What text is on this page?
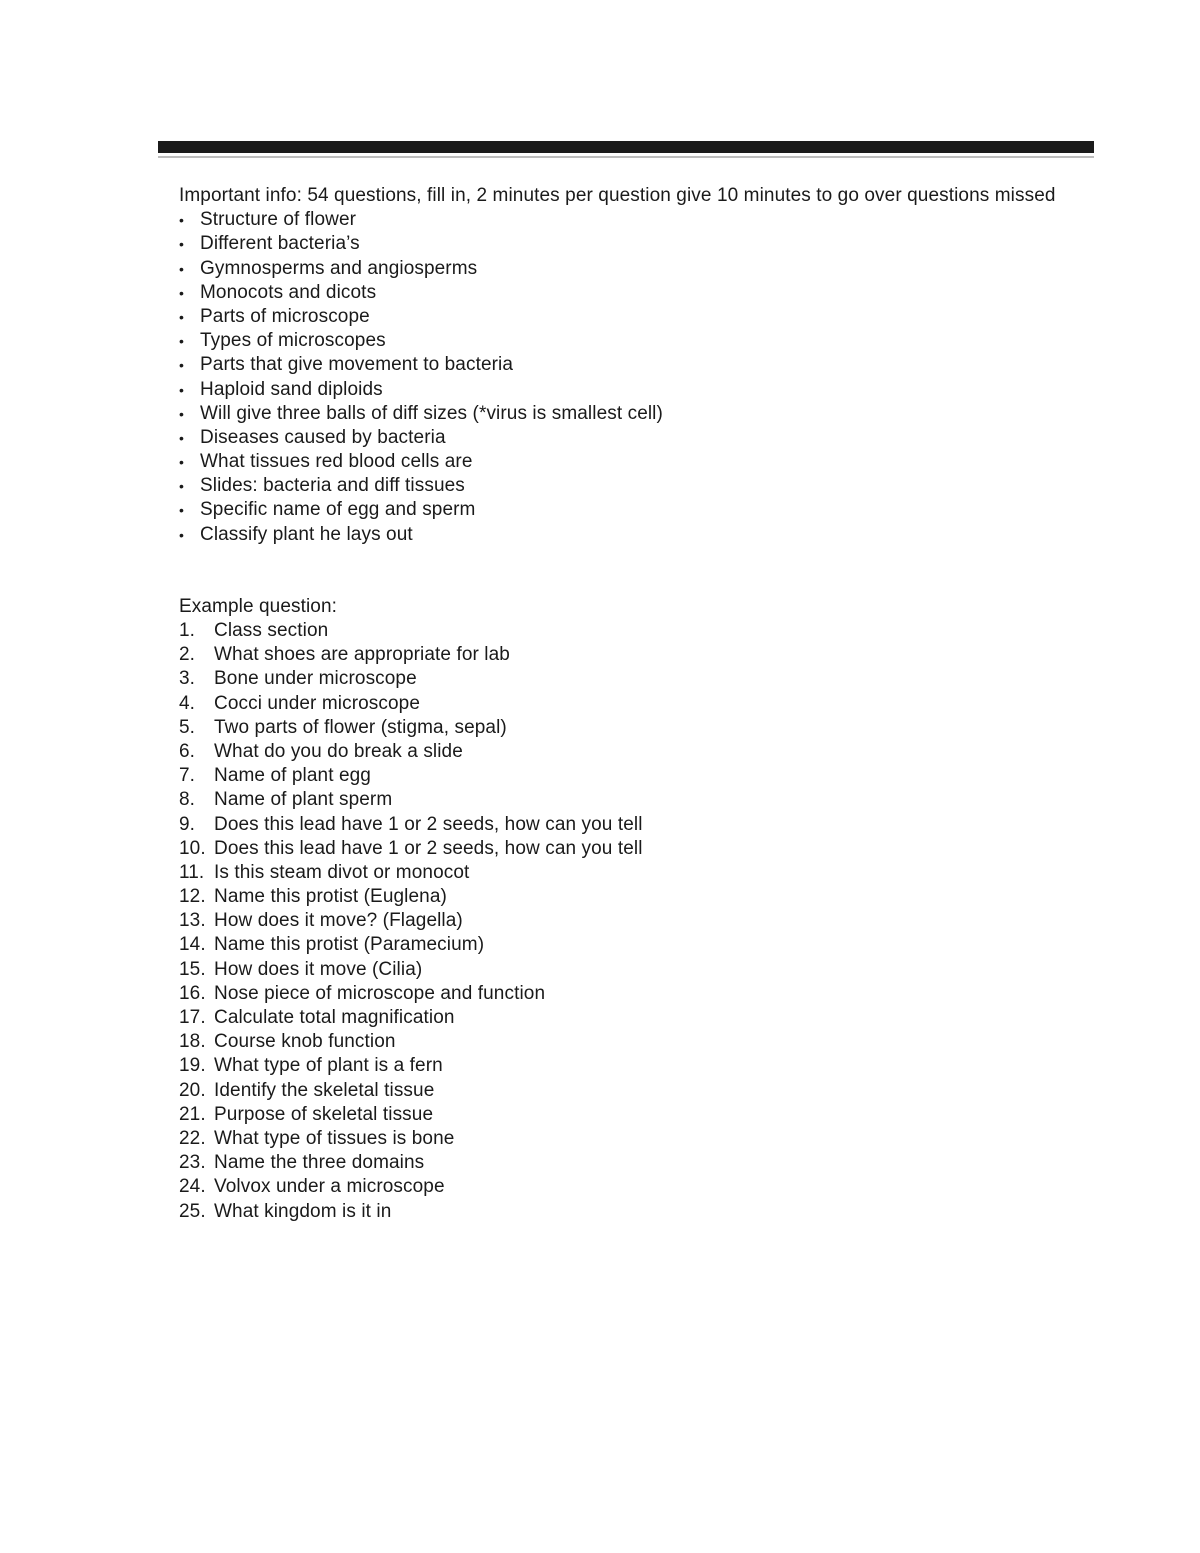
Important info: 54 questions, fill in, 2 minutes per question give 10 minutes to go over questions missed

• Structure of flower
• Different bacteria’s
• Gymnosperms and angiosperms
• Monocots and dicots
• Parts of microscope
• Types of microscopes
• Parts that give movement to bacteria
• Haploid sand diploids
• Will give three balls of diff sizes (*virus is smallest cell)
• Diseases caused by bacteria
• What tissues red blood cells are
• Slides: bacteria and diff tissues
• Specific name of egg and sperm
• Classify plant he lays out

Example question:

1. Class section
2. What shoes are appropriate for lab
3. Bone under microscope
4. Cocci under microscope
5. Two parts of flower (stigma, sepal)
6. What do you do break a slide
7. Name of plant egg
8. Name of plant sperm
9. Does this lead have 1 or 2 seeds, how can you tell
10. Does this lead have 1 or 2 seeds, how can you tell
11. Is this steam divot or monocot
12. Name this protist (Euglena)
13. How does it move? (Flagella)
14. Name this protist (Paramecium)
15. How does it move (Cilia)
16. Nose piece of microscope and function
17. Calculate total magnification
18. Course knob function
19. What type of plant is a fern
20. Identify the skeletal tissue
21. Purpose of skeletal tissue
22. What type of tissues is bone
23. Name the three domains
24. Volvox under a microscope
25. What kingdom is it in
